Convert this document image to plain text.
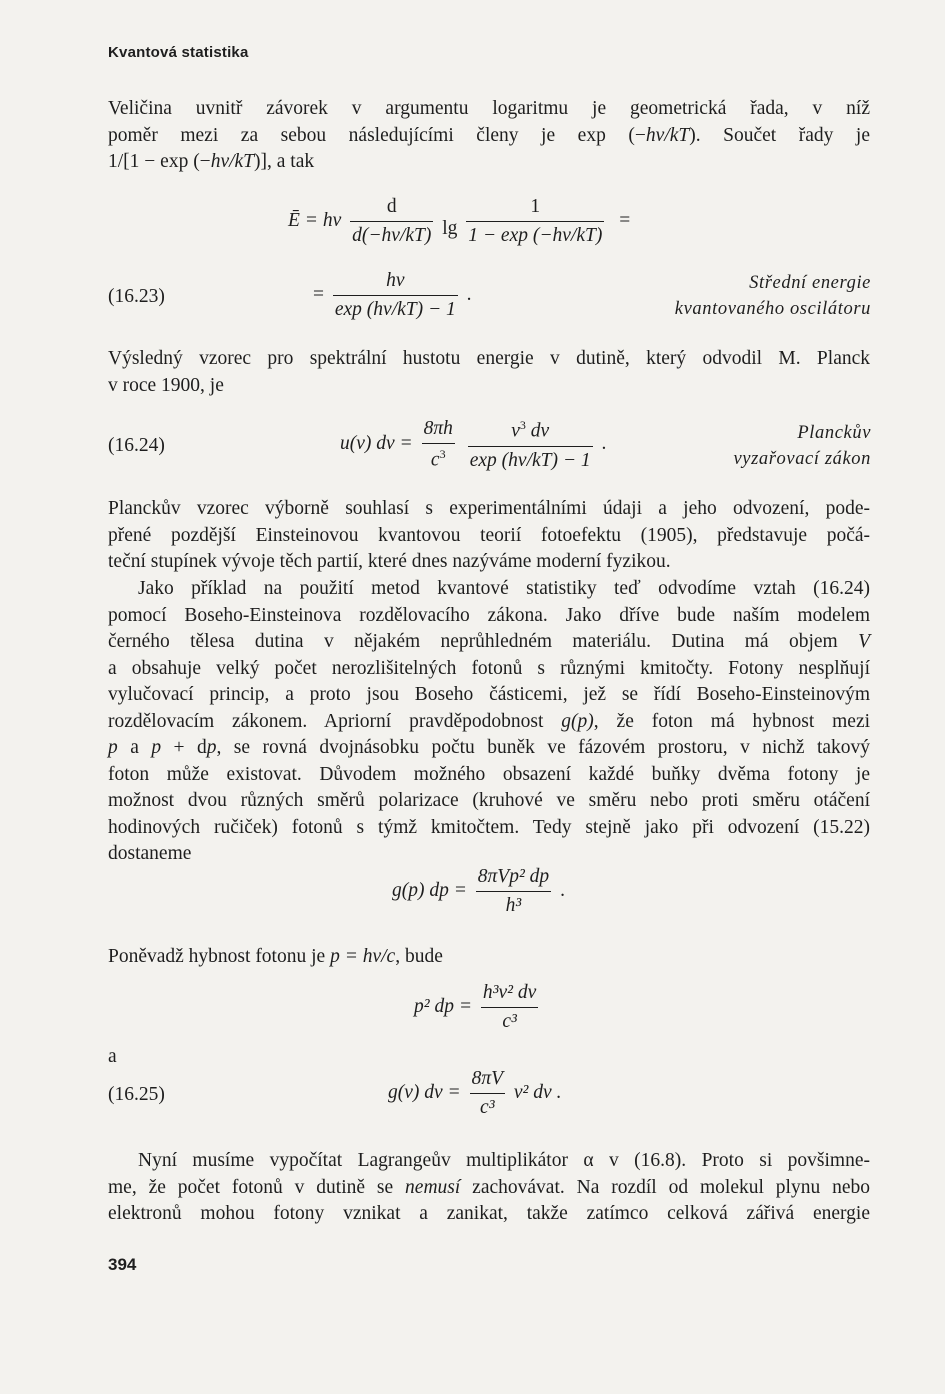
Kvantová statistika
Veličina uvnitř závorek v argumentu logaritmu je geometrická řada, v níž
poměr mezi za sebou následujícími členy je exp (−hν/kT). Součet řady je
1/[1 − exp (−hν/kT)], a tak
Ē = hν $\frac{d}{d(-h\nu/kT)}$ $\lg \frac{1}{1 - \exp (-h\nu/kT)}$ =
(16.23)	= $\frac{h\nu}{\exp (h\nu/kT) - 1}$ .
Střední energie
kvantovaného oscilátoru
Výsledný vzorec pro spektrální hustotu energie v dutině, který odvodil M. Planck
v roce 1900, je
(16.24)	u(ν) $d\nu = \frac{8\pi h}{c^3}$
$\frac{\nu^3 d\nu}{\exp (h\nu/kT) - 1}$ .
Planckův
vyzařovací zákon
Planckův vzorec výborně souhlasí s experimentálními údaji a jeho odvození, pode-
přené pozdější Einsteinovou kvantovou teorií fotoefektu (1905), představuje počá-
teční stupínek vývoje těch partií, které dnes nazýváme moderní fyzikou.
Jako příklad na použití metod kvantové statistiky teď odvodíme vztah (16.24)
pomocí Boseho-Einsteinova rozdělovacího zákona. Jako dříve bude naším modelem
černého tělesa dutina v nějakém neprůhledném materiálu. Dutina má objem V
a obsahuje velký počet nerozlišitelných fotonů s různými kmitočty. Fotony nesplňují
vylučovací princip, a proto jsou Boseho částicemi, jež se řídí Boseho-Einsteinovým
rozdělovacím zákonem. Apriorní pravděpodobnost g(p), že foton má hybnost mezi
p a p + dp, se rovná dvojnásobku počtu buněk ve fázovém prostoru, v nichž takový
foton může existovat. Důvodem možného obsazení každé buňky dvěma fotony je
možnost dvou různých směrů polarizace (kruhové ve směru nebo proti směru otáčení
hodinových ručiček) fotonů s týmž kmitočtem. Tedy stejně jako při odvození (15.22)
dostaneme
g(p) dp = $\frac{\text{8πVp² dp}}{\text{h³}}$ .
Poněvadž hybnost fotonu je p = hν/c, bude
p² dp = $\frac{\text{h³ν² dν}}{\text{c³}}$
a
(16.25)	g(ν) $d\nu = \frac{8\pi V}{\text{c³}} \nu^2$ dν .
Nyní musíme vypočítat Lagrangeův multiplikátor α v (16.8). Proto si povšimne-
me, že počet fotonů v dutině se nemusí zachovávat. Na rozdíl od molekul plynu nebo
elektronů mohou fotony vznikat a zanikat, takže zatímco celková zářivá energie
394
